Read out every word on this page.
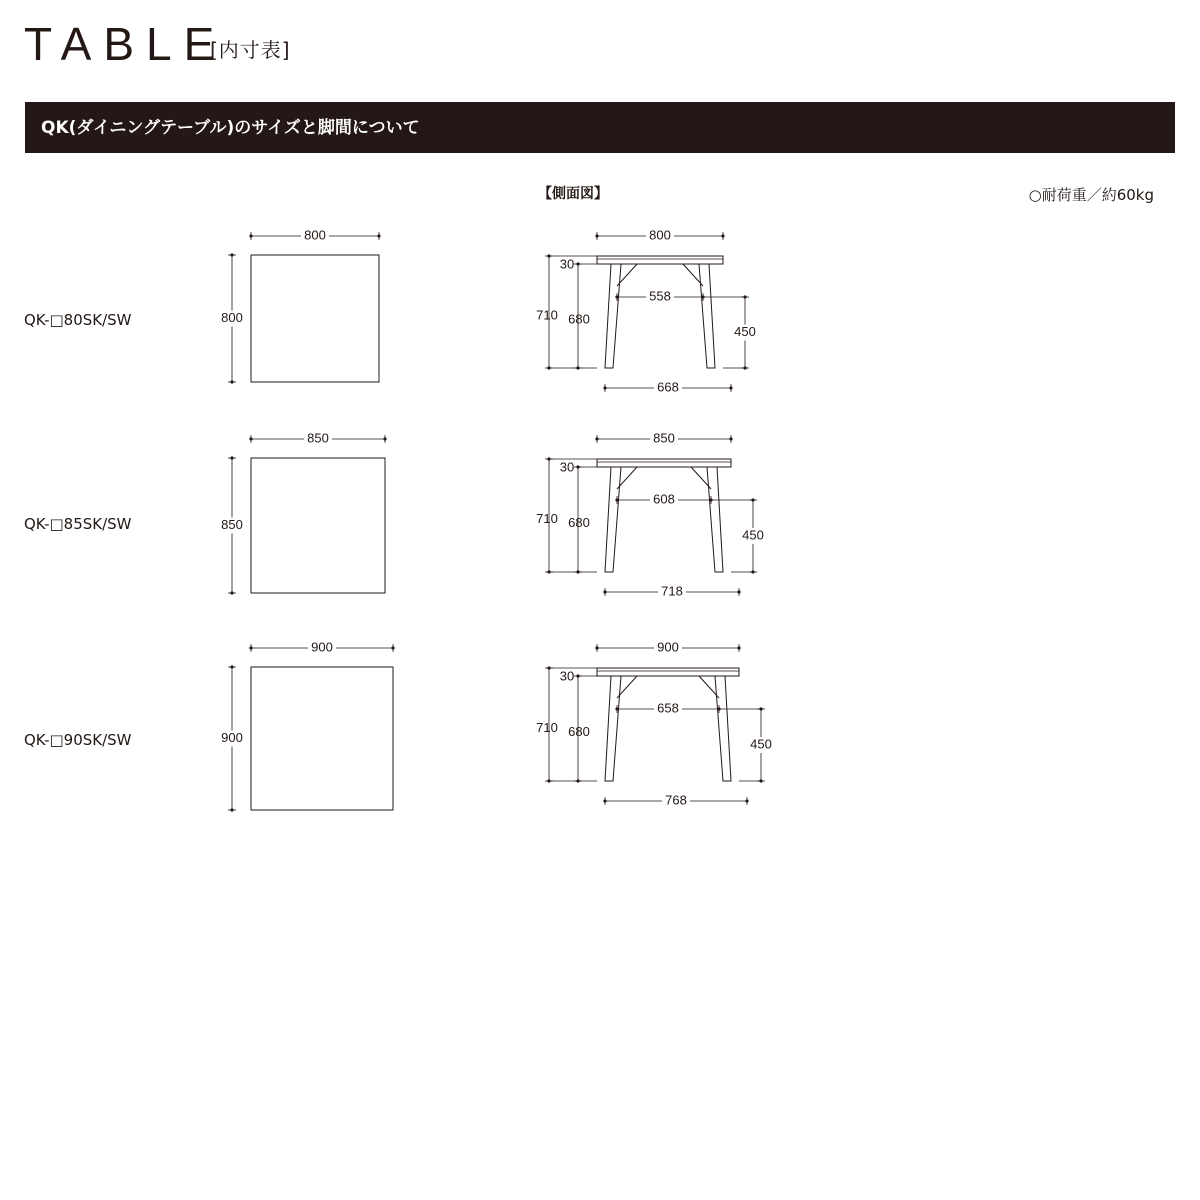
TABLE
[内寸表]
QK(ダイニングテーブル)のサイズと脚間について
【側面図】	○耐荷重／約60kg
QK-□80SK/SW
QK-□85SK/SW
QK-□90SK/SW
800
800
800
558
668
710 680
30
450
850
850
850
608
718
710 680
30
450
900
900
900
658
768
710 680
30
450
